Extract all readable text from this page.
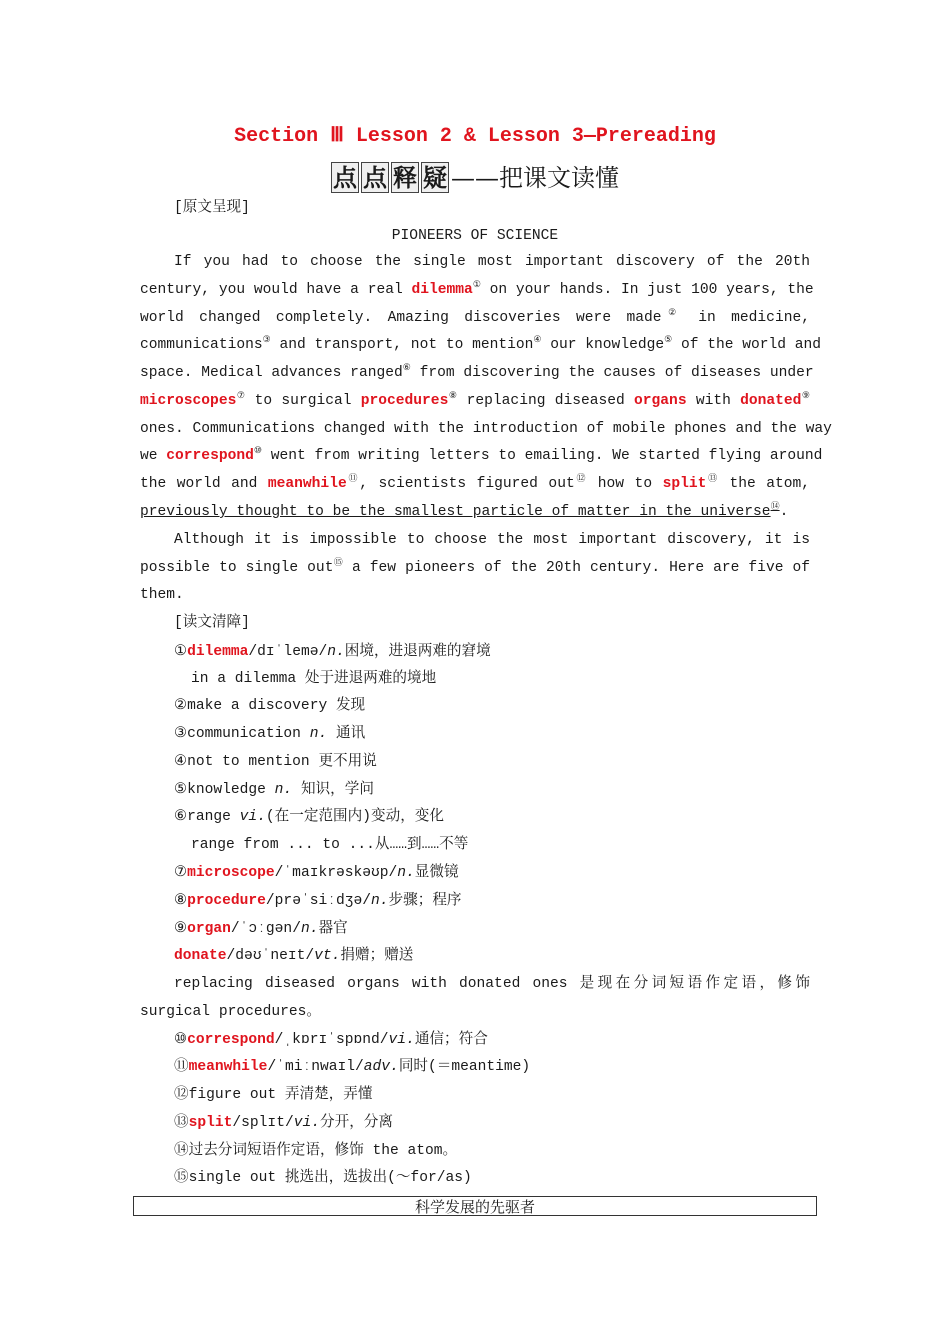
Section Ⅲ Lesson 2 & Lesson 3—Prereading
点 点 释 疑 ——把课文读懂
[原文呈现]
PIONEERS OF SCIENCE
If you had to choose the single most important discovery of the 20th
century, you would have a real dilemma① on your hands. In just 100 years, the
world changed completely. Amazing discoveries were made② in medicine,
communications③ and transport, not to mention④ our knowledge⑤ of the world and
space. Medical advances ranged⑥ from discovering the causes of diseases under
microscopes⑦ to surgical procedures⑧ replacing diseased organs with donated⑨
ones. Communications changed with the introduction of mobile phones and the way
we correspond⑩ went from writing letters to emailing. We started flying around
the world and meanwhile⑪, scientists figured out⑫ how to split⑬ the atom,
previously thought to be the smallest particle of matter in the universe⑭.
Although it is impossible to choose the most important discovery, it is
possible to single out⑮ a few pioneers of the 20th century. Here are five of
them.
[读文清障]
①dilemma/dɪˈlemə/n.困境，进退两难的窘境
in a dilemma 处于进退两难的境地
②make a discovery 发现
③communication n. 通讯
④not to mention 更不用说
⑤knowledge n. 知识，学问
⑥range vi.(在一定范围内)变动，变化
range from ... to ...从……到……不等
⑦microscope/ˈmaɪkrəskəʊp/n.显微镜
⑧procedure/prəˈsiːdʒə/n.步骤；程序
⑨organ/ˈɔːɡən/n.器官
donate/dəʊˈneɪt/vt.捐赠；赠送
replacing diseased organs with donated ones 是现在分词短语作定语，修饰
surgical procedures。
⑩correspond/ˌkɒrɪˈspɒnd/vi.通信；符合
⑪meanwhile/ˈmiːnwaɪl/adv.同时(＝meantime)
⑫figure out 弄清楚，弄懂
⑬split/splɪt/vi.分开，分离
⑭过去分词短语作定语，修饰 the atom。
⑮single out 挑选出，选拔出(～for/as)
科学发展的先驱者
